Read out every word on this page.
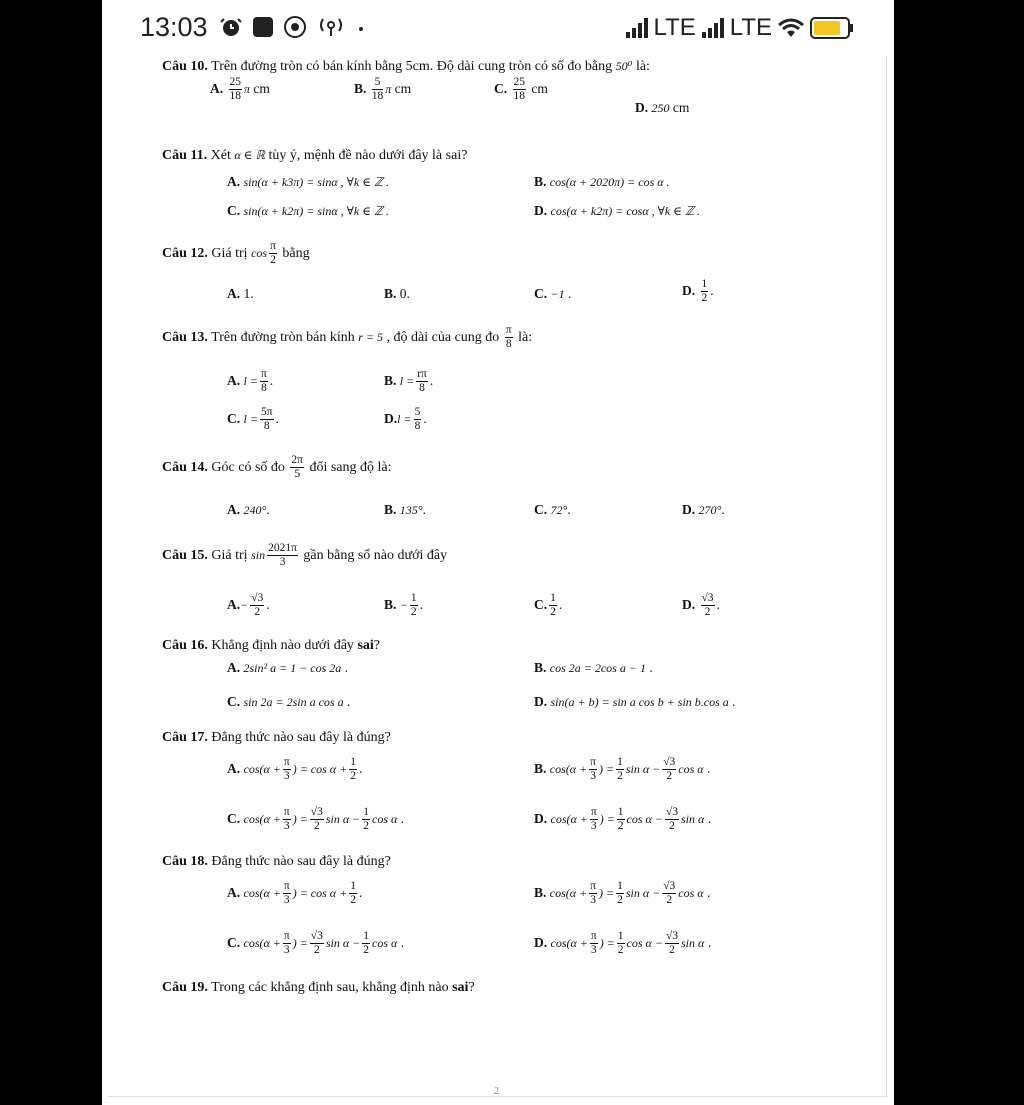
13:03	LTE LTE
Câu 10. Trên đường tròn có bán kính bằng 5cm. Độ dài cung tròn có số đo bằng 50⁰ là:
A. $\frac{25}{18}$ π cm	B. $\frac{5}{18}$ π cm	C. $\frac{25}{18}$ cm
D. 250 cm
Câu 11. Xét α ∈ ℝ tùy ý, mệnh đề nào dưới đây là sai?
A. sin(α + k3π) = sinα , ∀k ∈ ℤ .	B. cos(α + 2020π) = cos α .
C. sin(α + k2π) = sinα , ∀k ∈ ℤ .	D. cos(α + k2π) = cosα , ∀k ∈ ℤ .
Câu 12. Giá trị $\cos \frac{\pi}{2}$ bằng
A. 1.	B. 0.	C. −1 .	D. $\frac{1}{2}$ .
Câu 13. Trên đường tròn bán kính r = 5 , độ dài của cung đo $\frac{\pi}{8}$ là:
A. $l = \frac{\pi}{8}$ .	B. $l = \frac{r\pi}{8}$ .
C. $l = \frac{5\pi}{8}$ .	$D.l = \frac{5}{8}$ .
Câu 14. Góc có số đo $\frac{2\pi}{5}$ đổi sang độ là:
A. 240°.	B. 135°.	C. 72°.	D. 270°.
Câu 15. Giá trị $\sin \frac{2021\pi}{3}$ gần bằng số nào dưới đây
$A.- \frac{√3}{2}$ .	B. − $\frac{1}{2}$ .	C. $\frac{1}{2}$ .	D. $\frac{√3}{2}$ .
Câu 16. Khẳng định nào dưới đây sai?
A. 2sin² a = 1 − cos 2a .	B. cos 2a = 2cos a − 1 .
C. sin 2a = 2sin a cos a .	D. sin(a + b) = sin a cos b + sin b.cos a .
Câu 17. Đẳng thức nào sau đây là đúng?
A. $\cos(\alpha + \frac{\pi}{3}$ ) = $\cos \alpha + \frac{1}{2}$ .	B. $\cos(\alpha + \frac{\pi}{3}$ ) = $\frac{1}{2}$ $\sin \alpha - \frac{√3}{2}$ cos α .
C. $\cos(\alpha + \frac{\pi}{3}$ ) = $\frac{√3}{2}$ $\sin \alpha - \frac{1}{2}$ cos α .	D. $\cos(\alpha + \frac{\pi}{3}$ ) = $\frac{1}{2}$ $\cos \alpha - \frac{√3}{2}$ sin α .
Câu 18. Đẳng thức nào sau đây là đúng?
A. $\cos(\alpha + \frac{\pi}{3}$ ) = $\cos \alpha + \frac{1}{2}$ .	B. $\cos(\alpha + \frac{\pi}{3}$ ) = $\frac{1}{2}$ $\sin \alpha - \frac{√3}{2}$ cos α .
C. $\cos(\alpha + \frac{\pi}{3}$ ) = $\frac{√3}{2}$ $\sin \alpha - \frac{1}{2}$ cos α .	D. $\cos(\alpha + \frac{\pi}{3}$ ) = $\frac{1}{2}$ $\cos \alpha - \frac{√3}{2}$ sin α .
Câu 19. Trong các khẳng định sau, khẳng định nào sai?
2
